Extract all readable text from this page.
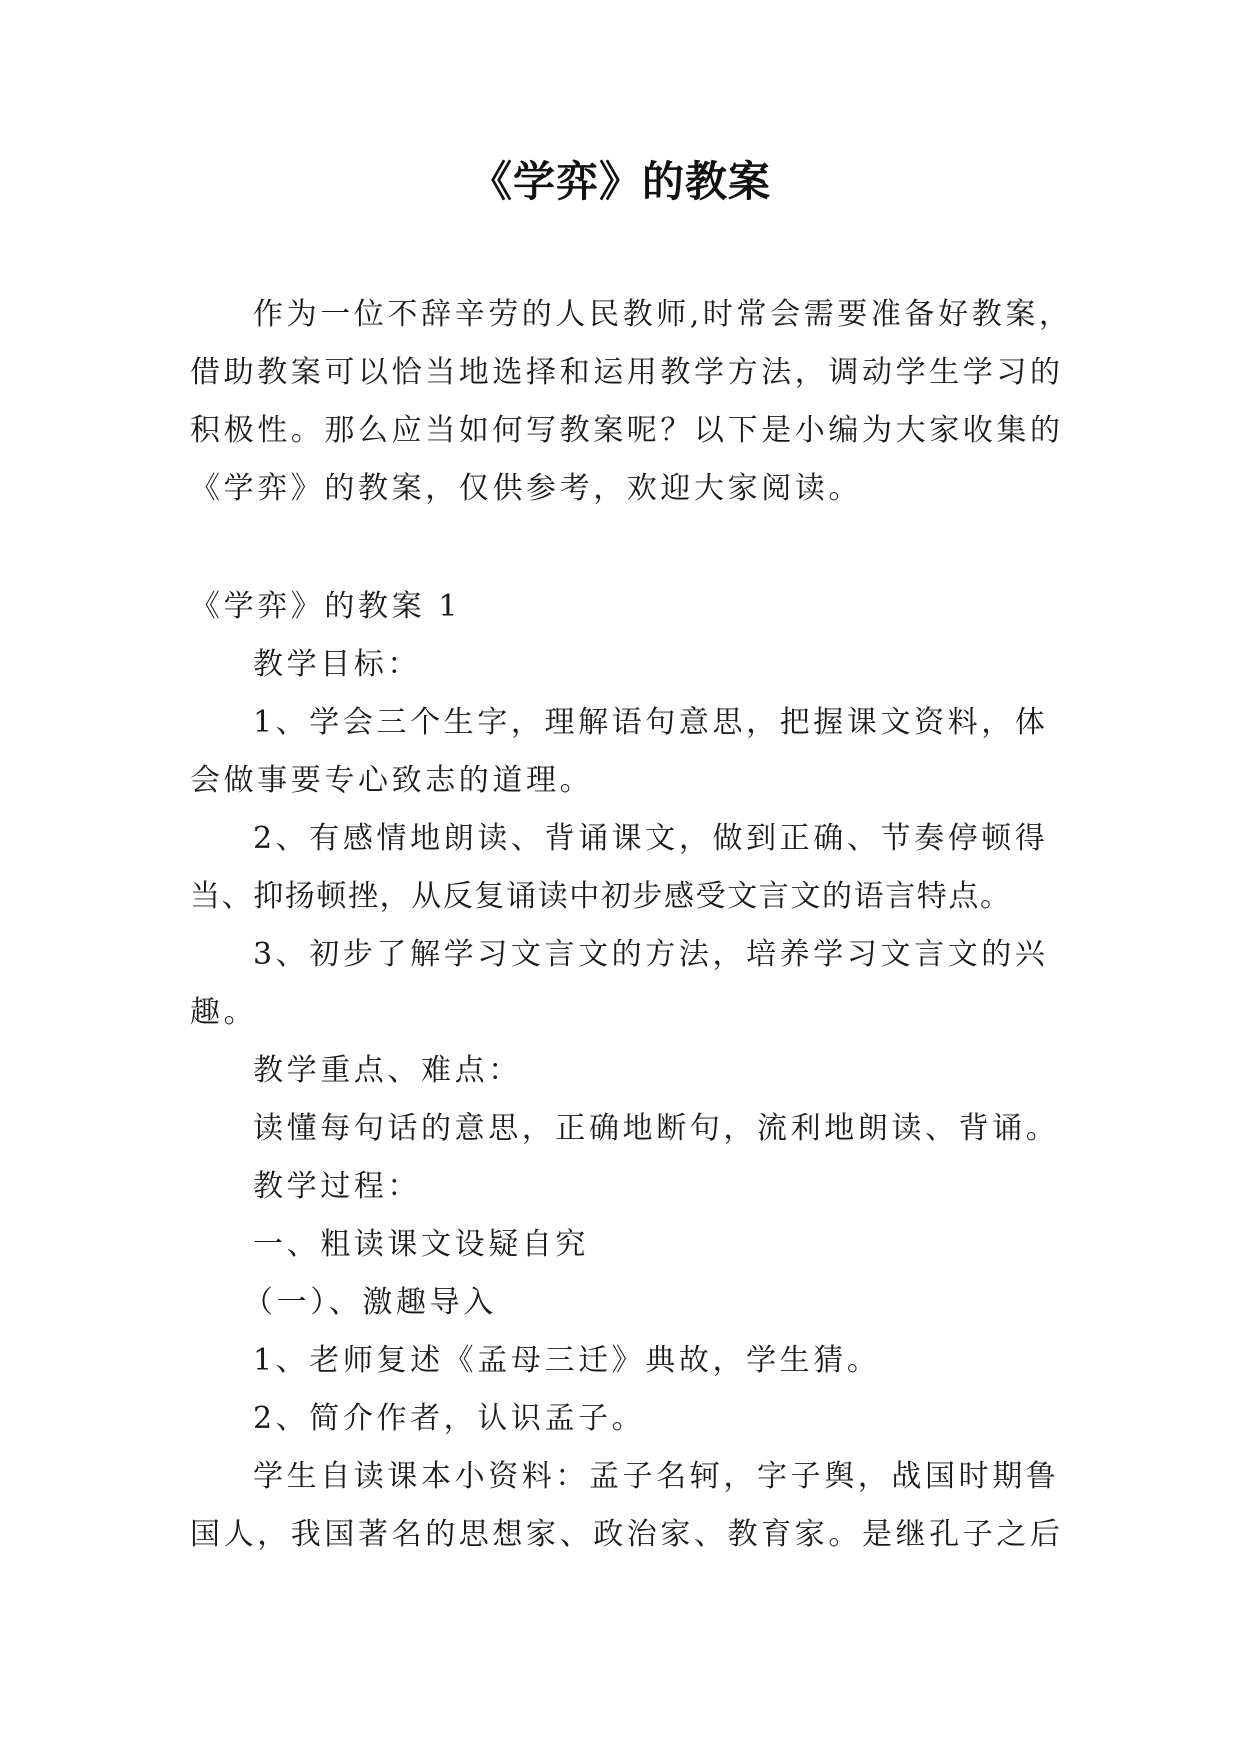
《学弈》的教案
作为一位不辞辛劳的人民教师,时常会需要准备好教案，
借助教案可以恰当地选择和运用教学方法，调动学生学习的
积极性。那么应当如何写教案呢？以下是小编为大家收集的
《学弈》的教案，仅供参考，欢迎大家阅读。
《学弈》的教案 1
教学目标：
1、学会三个生字，理解语句意思，把握课文资料，体
会做事要专心致志的道理。
2、有感情地朗读、背诵课文，做到正确、节奏停顿得
当、抑扬顿挫，从反复诵读中初步感受文言文的语言特点。
3、初步了解学习文言文的方法，培养学习文言文的兴
趣。
教学重点、难点：
读懂每句话的意思，正确地断句，流利地朗读、背诵。
教学过程：
一、粗读课文设疑自究
（一）、激趣导入
1、老师复述《孟母三迁》典故，学生猜。
2、简介作者，认识孟子。
学生自读课本小资料：孟子名轲，字子舆，战国时期鲁
国人，我国著名的思想家、政治家、教育家。是继孔子之后
